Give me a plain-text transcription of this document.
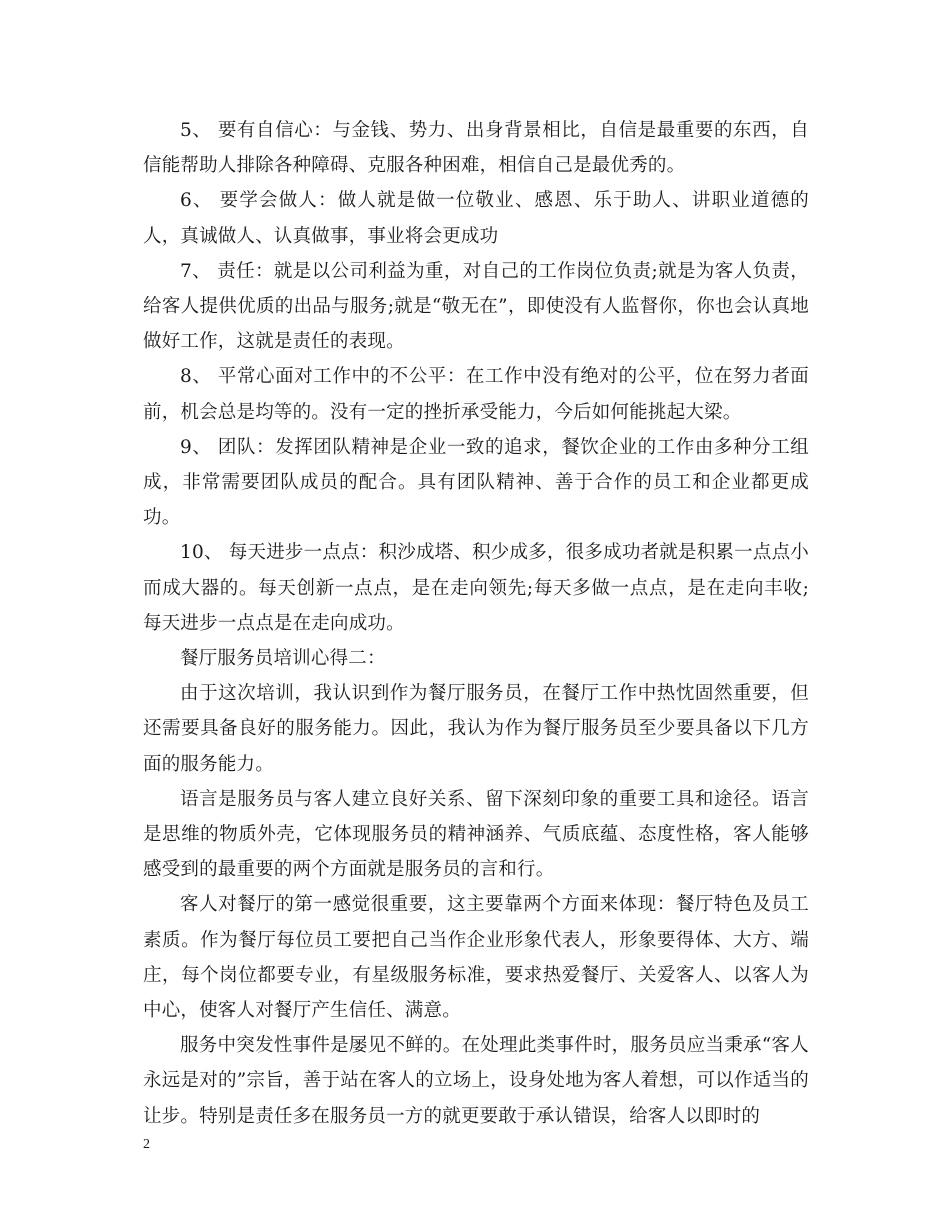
5、 要有自信心：与金钱、势力、出身背景相比，自信是最重要的东西，自信能帮助人排除各种障碍、克服各种困难，相信自己是最优秀的。

6、 要学会做人：做人就是做一位敬业、感恩、乐于助人、讲职业道德的人，真诚做人、认真做事，事业将会更成功

7、 责任：就是以公司利益为重，对自己的工作岗位负责;就是为客人负责，给客人提供优质的出品与服务;就是“敬无在”，即使没有人监督你，你也会认真地做好工作，这就是责任的表现。

8、 平常心面对工作中的不公平：在工作中没有绝对的公平，位在努力者面前，机会总是均等的。没有一定的挫折承受能力，今后如何能挑起大梁。

9、 团队：发挥团队精神是企业一致的追求，餐饮企业的工作由多种分工组成，非常需要团队成员的配合。具有团队精神、善于合作的员工和企业都更成功。

10、 每天进步一点点：积沙成塔、积少成多，很多成功者就是积累一点点小而成大器的。每天创新一点点，是在走向领先;每天多做一点点，是在走向丰收;每天进步一点点是在走向成功。

餐厅服务员培训心得二：

由于这次培训，我认识到作为餐厅服务员，在餐厅工作中热忱固然重要，但还需要具备良好的服务能力。因此，我认为作为餐厅服务员至少要具备以下几方面的服务能力。

语言是服务员与客人建立良好关系、留下深刻印象的重要工具和途径。语言是思维的物质外壳，它体现服务员的精神涵养、气质底蕴、态度性格，客人能够感受到的最重要的两个方面就是服务员的言和行。

客人对餐厅的第一感觉很重要，这主要靠两个方面来体现：餐厅特色及员工素质。作为餐厅每位员工要把自己当作企业形象代表人，形象要得体、大方、端庄，每个岗位都要专业，有星级服务标准，要求热爱餐厅、关爱客人、以客人为中心，使客人对餐厅产生信任、满意。

服务中突发性事件是屡见不鲜的。在处理此类事件时，服务员应当秉承“客人永远是对的”宗旨，善于站在客人的立场上，设身处地为客人着想，可以作适当的让步。特别是责任多在服务员一方的就更要敢于承认错误，给客人以即时的

2
